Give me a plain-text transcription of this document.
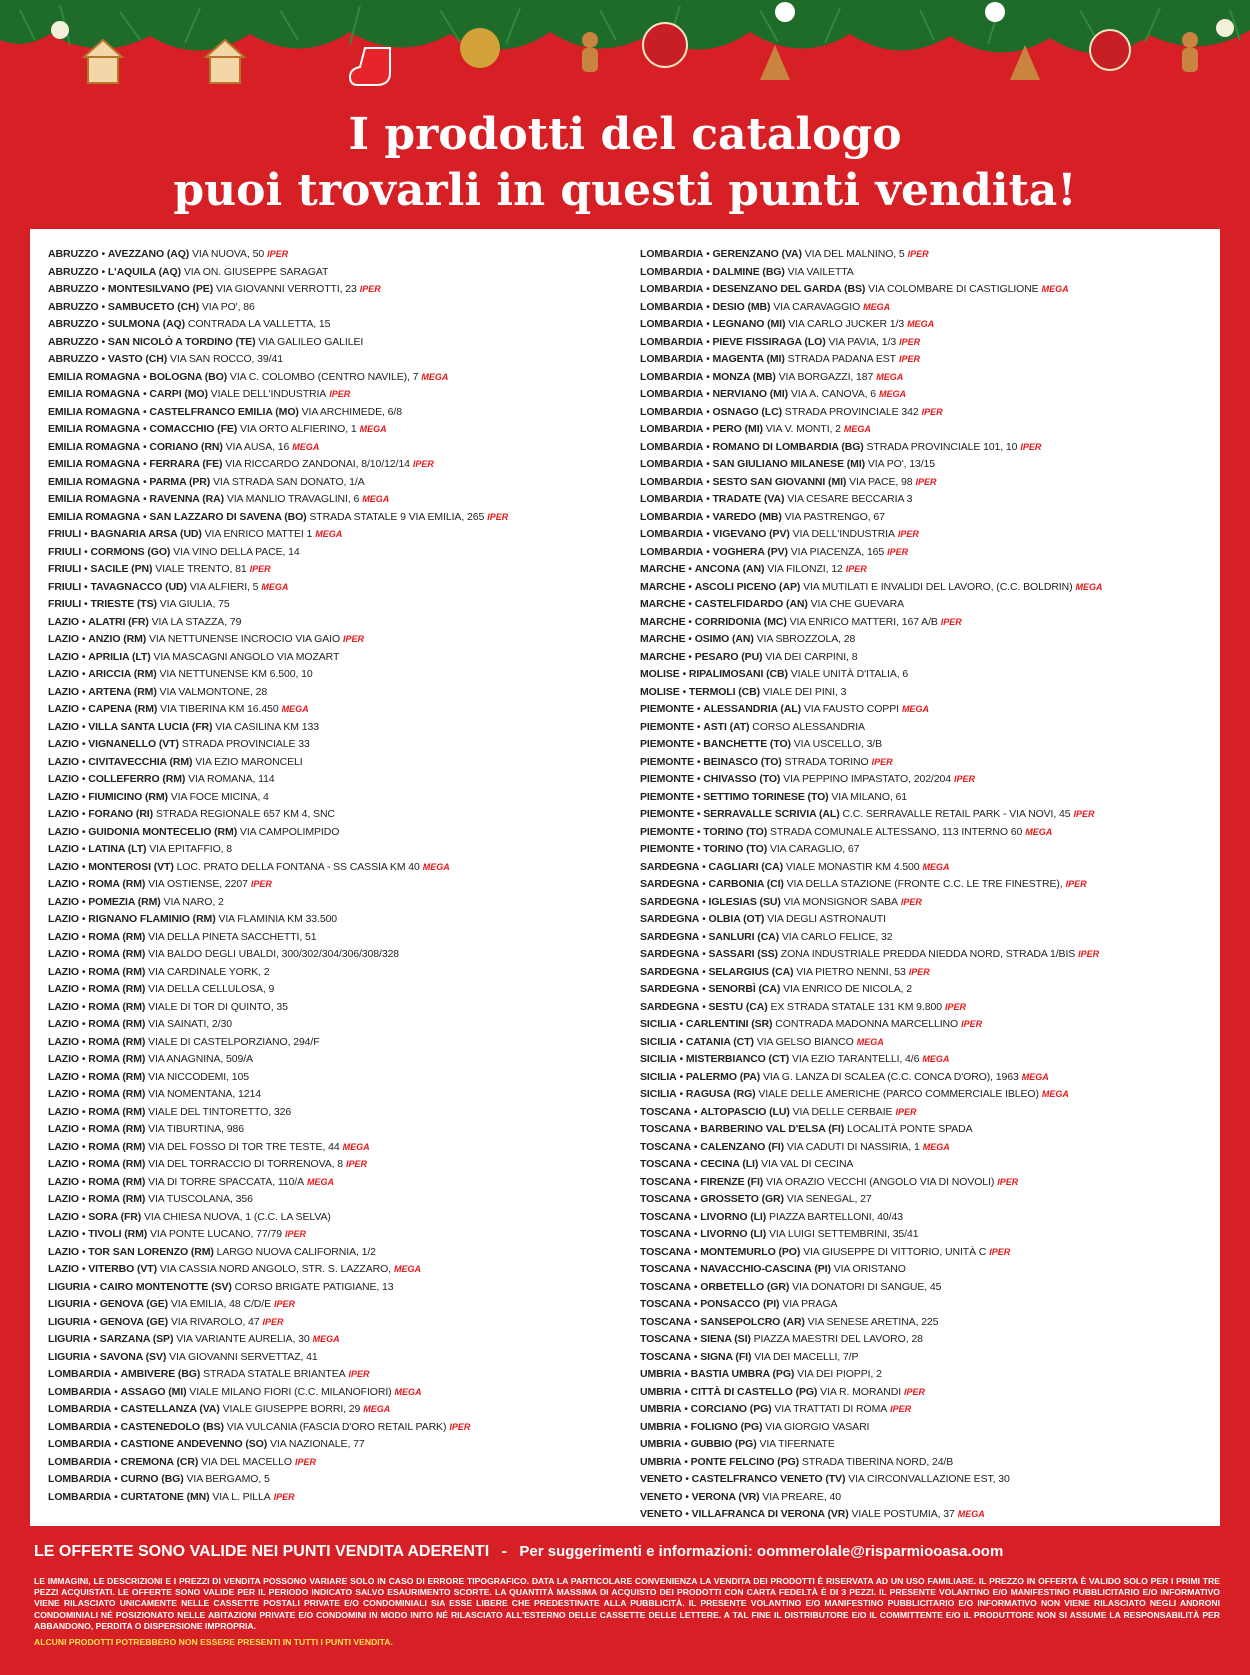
I prodotti del catalogo
puoi trovarli in questi punti vendita!
ABRUZZO • AVEZZANO (AQ) VIA NUOVA, 50 IPER
ABRUZZO • L'AQUILA (AQ) VIA ON. GIUSEPPE SARAGAT
ABRUZZO • MONTESILVANO (PE) VIA GIOVANNI VERROTTI, 23 IPER
ABRUZZO • SAMBUCETO (CH) VIA PO', 86
ABRUZZO • SULMONA (AQ) CONTRADA LA VALLETTA, 15
ABRUZZO • SAN NICOLÒ A TORDINO (TE) VIA GALILEO GALILEI
ABRUZZO • VASTO (CH) VIA SAN ROCCO, 39/41
EMILIA ROMAGNA • BOLOGNA (BO) VIA C. COLOMBO (CENTRO NAVILE), 7 MEGA
EMILIA ROMAGNA • CARPI (MO) VIALE DELL'INDUSTRIA IPER
EMILIA ROMAGNA • CASTELFRANCO EMILIA (MO) VIA ARCHIMEDE, 6/8
EMILIA ROMAGNA • COMACCHIO (FE) VIA ORTO ALFIERINO, 1 MEGA
EMILIA ROMAGNA • CORIANO (RN) VIA AUSA, 16 MEGA
EMILIA ROMAGNA • FERRARA (FE) VIA RICCARDO ZANDONAI, 8/10/12/14 IPER
EMILIA ROMAGNA • PARMA (PR) VIA STRADA SAN DONATO, 1/A
EMILIA ROMAGNA • RAVENNA (RA) VIA MANLIO TRAVAGLINI, 6 MEGA
EMILIA ROMAGNA • SAN LAZZARO DI SAVENA (BO) STRADA STATALE 9 VIA EMILIA, 265 IPER
FRIULI • BAGNARIA ARSA (UD) VIA ENRICO MATTEI 1 MEGA
FRIULI • CORMONS (GO) VIA VINO DELLA PACE, 14
FRIULI • SACILE (PN) VIALE TRENTO, 81 IPER
FRIULI • TAVAGNACCO (UD) VIA ALFIERI, 5 MEGA
FRIULI • TRIESTE (TS) VIA GIULIA, 75
LAZIO • ALATRI (FR) VIA LA STAZZA, 79
LAZIO • ANZIO (RM) VIA NETTUNENSE INCROCIO VIA GAIO IPER
LAZIO • APRILIA (LT) VIA MASCAGNI ANGOLO VIA MOZART
LAZIO • ARICCIA (RM) VIA NETTUNENSE KM 6.500, 10
LAZIO • ARTENA (RM) VIA VALMONTONE, 28
LAZIO • CAPENA (RM) VIA TIBERINA KM 16.450 MEGA
LAZIO • VILLA SANTA LUCIA (FR) VIA CASILINA KM 133
LAZIO • VIGNANELLO (VT) STRADA PROVINCIALE 33
LAZIO • CIVITAVECCHIA (RM) VIA EZIO MARONCELI
LAZIO • COLLEFERRO (RM) VIA ROMANA, 114
LAZIO • FIUMICINO (RM) VIA FOCE MICINA, 4
LAZIO • FORANO (RI) STRADA REGIONALE 657 KM 4, SNC
LAZIO • GUIDONIA MONTECELIO (RM) VIA CAMPOLIMPIDO
LAZIO • LATINA (LT) VIA EPITAFFIO, 8
LAZIO • MONTEROSI (VT) LOC. PRATO DELLA FONTANA - SS CASSIA KM 40 MEGA
LAZIO • ROMA (RM) VIA OSTIENSE, 2207 IPER
LAZIO • POMEZIA (RM) VIA NARO, 2
LAZIO • RIGNANO FLAMINIO (RM) VIA FLAMINIA KM 33.500
LAZIO • ROMA (RM) VIA DELLA PINETA SACCHETTI, 51
LAZIO • ROMA (RM) VIA BALDO DEGLI UBALDI, 300/302/304/306/308/328
LAZIO • ROMA (RM) VIA CARDINALE YORK, 2
LAZIO • ROMA (RM) VIA DELLA CELLULOSA, 9
LAZIO • ROMA (RM) VIALE DI TOR DI QUINTO, 35
LAZIO • ROMA (RM) VIA SAINATI, 2/30
LAZIO • ROMA (RM) VIALE DI CASTELPORZIANO, 294/F
LAZIO • ROMA (RM) VIA ANAGNINA, 509/A
LAZIO • ROMA (RM) VIA NICCODEMI, 105
LAZIO • ROMA (RM) VIA NOMENTANA, 1214
LAZIO • ROMA (RM) VIALE DEL TINTORETTO, 326
LAZIO • ROMA (RM) VIA TIBURTINA, 986
LAZIO • ROMA (RM) VIA DEL FOSSO DI TOR TRE TESTE, 44 MEGA
LAZIO • ROMA (RM) VIA DEL TORRACCIO DI TORRENOVA, 8 IPER
LAZIO • ROMA (RM) VIA DI TORRE SPACCATA, 110/A MEGA
LAZIO • ROMA (RM) VIA TUSCOLANA, 356
LAZIO • SORA (FR) VIA CHIESA NUOVA, 1 (C.C. LA SELVA)
LAZIO • TIVOLI (RM) VIA PONTE LUCANO, 77/79 IPER
LAZIO • TOR SAN LORENZO (RM) LARGO NUOVA CALIFORNIA, 1/2
LAZIO • VITERBO (VT) VIA CASSIA NORD ANGOLO, STR. S. LAZZARO, MEGA
LIGURIA • CAIRO MONTENOTTE (SV) CORSO BRIGATE PATIGIANE, 13
LIGURIA • GENOVA (GE) VIA EMILIA, 48 C/D/E IPER
LIGURIA • GENOVA (GE) VIA RIVAROLO, 47 IPER
LIGURIA • SARZANA (SP) VIA VARIANTE AURELIA, 30 MEGA
LIGURIA • SAVONA (SV) VIA GIOVANNI SERVETTAZ, 41
LOMBARDIA • AMBIVERE (BG) STRADA STATALE BRIANTEA IPER
LOMBARDIA • ASSAGO (MI) VIALE MILANO FIORI (C.C. MILANOFIORI) MEGA
LOMBARDIA • CASTELLANZA (VA) VIALE GIUSEPPE BORRI, 29 MEGA
LOMBARDIA • CASTENEDOLO (BS) VIA VULCANIA (FASCIA D'ORO RETAIL PARK) IPER
LOMBARDIA • CASTIONE ANDEVENNO (SO) VIA NAZIONALE, 77
LOMBARDIA • CREMONA (CR) VIA DEL MACELLO IPER
LOMBARDIA • CURNO (BG) VIA BERGAMO, 5
LOMBARDIA • CURTATONE (MN) VIA L. PILLA IPER
LOMBARDIA • GERENZANO (VA) VIA DEL MALNINO, 5 IPER
LOMBARDIA • DALMINE (BG) VIA VAILETTA
LOMBARDIA • DESENZANO DEL GARDA (BS) VIA COLOMBARE DI CASTIGLIONE MEGA
LOMBARDIA • DESIO (MB) VIA CARAVAGGIO MEGA
LOMBARDIA • LEGNANO (MI) VIA CARLO JUCKER 1/3 MEGA
LOMBARDIA • PIEVE FISSIRAGA (LO) VIA PAVIA, 1/3 IPER
LOMBARDIA • MAGENTA (MI) STRADA PADANA EST IPER
LOMBARDIA • MONZA (MB) VIA BORGAZZI, 187 MEGA
LOMBARDIA • NERVIANO (MI) VIA A. CANOVA, 6 MEGA
LOMBARDIA • OSNAGO (LC) STRADA PROVINCIALE 342 IPER
LOMBARDIA • PERO (MI) VIA V. MONTI, 2 MEGA
LOMBARDIA • ROMANO DI LOMBARDIA (BG) STRADA PROVINCIALE 101, 10 IPER
LOMBARDIA • SAN GIULIANO MILANESE (MI) VIA PO', 13/15
LOMBARDIA • SESTO SAN GIOVANNI (MI) VIA PACE, 98 IPER
LOMBARDIA • TRADATE (VA) VIA CESARE BECCARIA 3
LOMBARDIA • VAREDO (MB) VIA PASTRENGO, 67
LOMBARDIA • VIGEVANO (PV) VIA DELL'INDUSTRIA IPER
LOMBARDIA • VOGHERA (PV) VIA PIACENZA, 165 IPER
MARCHE • ANCONA (AN) VIA FILONZI, 12 IPER
MARCHE • ASCOLI PICENO (AP) VIA MUTILATI E INVALIDI DEL LAVORO, (C.C. BOLDRIN) MEGA
MARCHE • CASTELFIDARDO (AN) VIA CHE GUEVARA
MARCHE • CORRIDONIA (MC) VIA ENRICO MATTERI, 167 A/B IPER
MARCHE • OSIMO (AN) VIA SBROZZOLA, 28
MARCHE • PESARO (PU) VIA DEI CARPINI, 8
MOLISE • RIPALIMOSANI (CB) VIALE UNITÀ D'ITALIA, 6
MOLISE • TERMOLI (CB) VIALE DEI PINI, 3
PIEMONTE • ALESSANDRIA (AL) VIA FAUSTO COPPI MEGA
PIEMONTE • ASTI (AT) CORSO ALESSANDRIA
PIEMONTE • BANCHETTE (TO) VIA USCELLO, 3/B
PIEMONTE • BEINASCO (TO) STRADA TORINO IPER
PIEMONTE • CHIVASSO (TO) VIA PEPPINO IMPASTATO, 202/204 IPER
PIEMONTE • SETTIMO TORINESE (TO) VIA MILANO, 61
PIEMONTE • SERRAVALLE SCRIVIA (AL) C.C. SERRAVALLE RETAIL PARK - VIA NOVI, 45 IPER
PIEMONTE • TORINO (TO) STRADA COMUNALE ALTESSANO, 113 INTERNO 60 MEGA
PIEMONTE • TORINO (TO) VIA CARAGLIO, 67
SARDEGNA • CAGLIARI (CA) VIALE MONASTIR KM 4.500 MEGA
SARDEGNA • CARBONIA (CI) VIA DELLA STAZIONE (FRONTE C.C. LE TRE FINESTRE), IPER
SARDEGNA • IGLESIAS (SU) VIA MONSIGNOR SABA IPER
SARDEGNA • OLBIA (OT) VIA DEGLI ASTRONAUTI
SARDEGNA • SANLURI (CA) VIA CARLO FELICE, 32
SARDEGNA • SASSARI (SS) ZONA INDUSTRIALE PREDDA NIEDDA NORD, STRADA 1/BIS IPER
SARDEGNA • SELARGIUS (CA) VIA PIETRO NENNI, 53 IPER
SARDEGNA • SENORBÌ (CA) VIA ENRICO DE NICOLA, 2
SARDEGNA • SESTU (CA) EX STRADA STATALE 131 KM 9.800 IPER
SICILIA • CARLENTINI (SR) CONTRADA MADONNA MARCELLINO IPER
SICILIA • CATANIA (CT) VIA GELSO BIANCO MEGA
SICILIA • MISTERBIANCO (CT) VIA EZIO TARANTELLI, 4/6 MEGA
SICILIA • PALERMO (PA) VIA G. LANZA DI SCALEA (C.C. CONCA D'ORO), 1963 MEGA
SICILIA • RAGUSA (RG) VIALE DELLE AMERICHE (PARCO COMMERCIALE IBLEO) MEGA
TOSCANA • ALTOPASCIO (LU) VIA DELLE CERBAIE IPER
TOSCANA • BARBERINO VAL D'ELSA (FI) LOCALITÀ PONTE SPADA
TOSCANA • CALENZANO (FI) VIA CADUTI DI NASSIRIA, 1 MEGA
TOSCANA • CECINA (LI) VIA VAL DI CECINA
TOSCANA • FIRENZE (FI) VIA ORAZIO VECCHI (ANGOLO VIA DI NOVOLI) IPER
TOSCANA • GROSSETO (GR) VIA SENEGAL, 27
TOSCANA • LIVORNO (LI) PIAZZA BARTELLONI, 40/43
TOSCANA • LIVORNO (LI) VIA LUIGI SETTEMBRINI, 35/41
TOSCANA • MONTEMURLO (PO) VIA GIUSEPPE DI VITTORIO, UNITÀ C IPER
TOSCANA • NAVACCHIO-CASCINA (PI) VIA ORISTANO
TOSCANA • ORBETELLO (GR) VIA DONATORI DI SANGUE, 45
TOSCANA • PONSACCO (PI) VIA PRAGA
TOSCANA • SANSEPOLCRO (AR) VIA SENESE ARETINA, 225
TOSCANA • SIENA (SI) PIAZZA MAESTRI DEL LAVORO, 28
TOSCANA • SIGNA (FI) VIA DEI MACELLI, 7/P
UMBRIA • BASTIA UMBRA (PG) VIA DEI PIOPPI, 2
UMBRIA • CITTÀ DI CASTELLO (PG) VIA R. MORANDI IPER
UMBRIA • CORCIANO (PG) VIA TRATTATI DI ROMA IPER
UMBRIA • FOLIGNO (PG) VIA GIORGIO VASARI
UMBRIA • GUBBIO (PG) VIA TIFERNATE
UMBRIA • PONTE FELCINO (PG) STRADA TIBERINA NORD, 24/B
VENETO • CASTELFRANCO VENETO (TV) VIA CIRCONVALLAZIONE EST, 30
VENETO • VERONA (VR) VIA PREARE, 40
VENETO • VILLAFRANCA DI VERONA (VR) VIALE POSTUMIA, 37 MEGA
LE OFFERTE SONO VALIDE NEI PUNTI VENDITA ADERENTI - Per suggerimenti e informazioni: oommerolale@risparmiooasa.oom
LE IMMAGINI, LE DESCRIZIONI E I PREZZI DI VENDITA POSSONO VARIARE SOLO IN CASO DI ERRORE TIPOGRAFICO. DATA LA PARTICOLARE CONVENIENZA LA VENDITA DEI PRODOTTI È RISERVATA AD UN USO FAMILIARE. IL PREZZO IN OFFERTA È VALIDO SOLO PER I PRIMI TRE PEZZI ACQUISTATI. LE OFFERTE SONO VALIDE PER IL PERIODO INDICATO SALVO ESAURIMENTO SCORTE. LA QUANTITÀ MASSIMA DI ACQUISTO DEI PRODOTTI CON CARTA FEDELTÀ È DI 3 PEZZI. IL PRESENTE VOLANTINO E/O MANIFESTINO PUBBLICITARIO E/O INFORMATIVO VIENE RILASCIATO UNICAMENTE NELLE CASSETTE POSTALI PRIVATE E/O CONDOMINIALI SIA ESSE LIBERE CHE PREDESTINATE ALLA PUBBLICITÀ. IL PRESENTE VOLANTINO E/O MANIFESTINO PUBBLICITARIO E/O INFORMATIVO NON VIENE RILASCIATO NEGLI ANDRONI CONDOMINIALI NÉ POSIZIONATO NELLE ABITAZIONI PRIVATE E/O CONDOMINI IN MODO INITO NÉ RILASCIATO ALL'ESTERNO DELLE CASSETTE DELLE LETTERE. A TAL FINE IL DISTRIBUTORE E/O IL COMMITTENTE E/O IL PRODUTTORE NON SI ASSUME LA RESPONSABILITÀ PER ABBANDONO, PERDITA O DISPERSIONE IMPROPRIA.
ALCUNI PRODOTTI POTREBBERO NON ESSERE PRESENTI IN TUTTI I PUNTI VENDITA.
